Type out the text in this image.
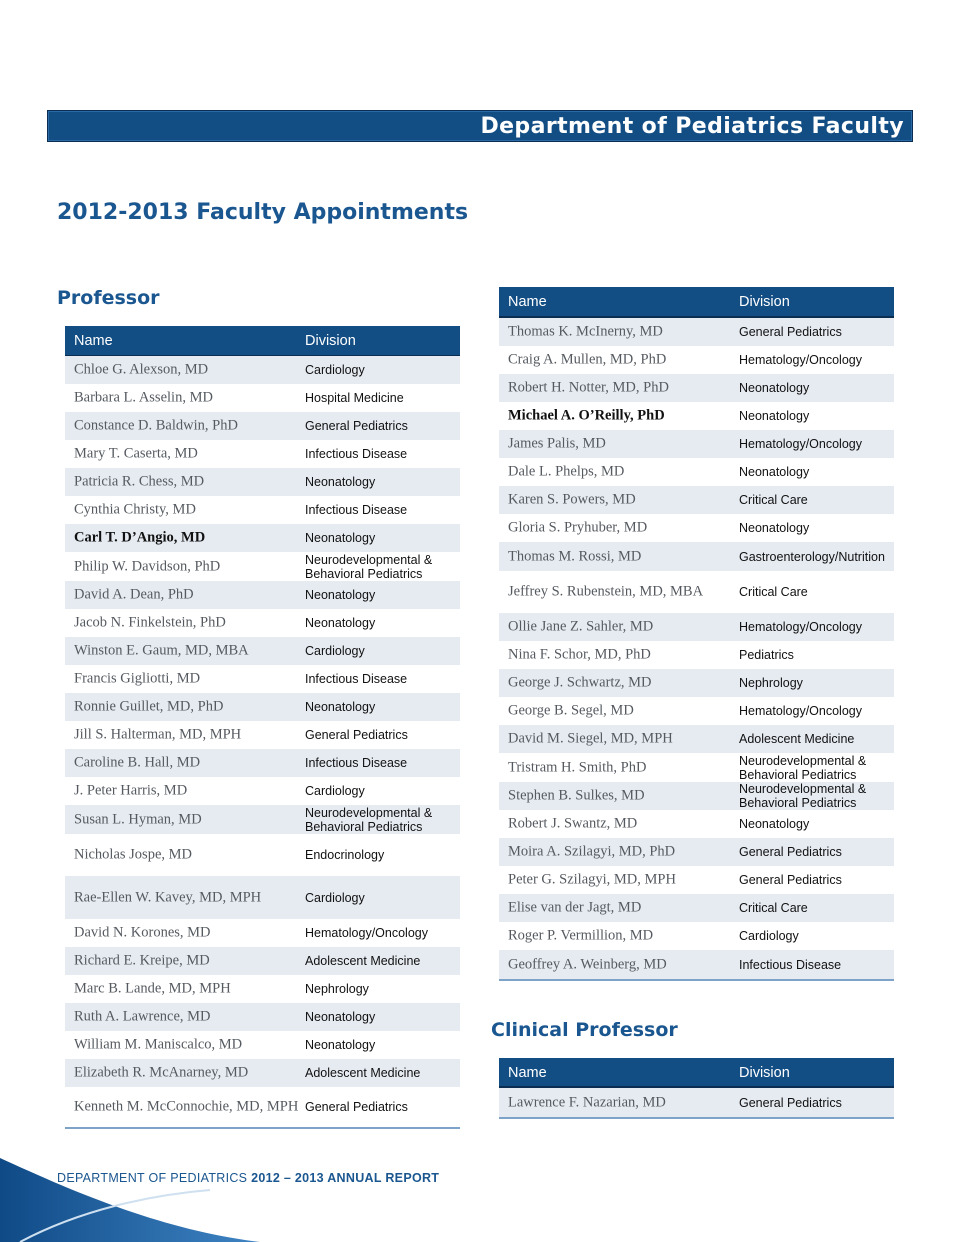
Department of Pediatrics Faculty
2012-2013 Faculty Appointments
Professor
Clinical Professor
Name	Division
Chloe G. Alexson, MD	Cardiology
Barbara L. Asselin, MD	Hospital Medicine
Constance D. Baldwin, PhD	General Pediatrics
Mary T. Caserta, MD	Infectious Disease
Patricia R. Chess, MD	Neonatology
Cynthia Christy, MD	Infectious Disease
Carl T. D’Angio, MD	Neonatology
Philip W. Davidson, PhD	Neurodevelopmental & Behavioral Pediatrics
David A. Dean, PhD	Neonatology
Jacob N. Finkelstein, PhD	Neonatology
Winston E. Gaum, MD, MBA	Cardiology
Francis Gigliotti, MD	Infectious Disease
Ronnie Guillet, MD, PhD	Neonatology
Jill S. Halterman, MD, MPH	General Pediatrics
Caroline B. Hall, MD	Infectious Disease
J. Peter Harris, MD	Cardiology
Susan L. Hyman, MD	Neurodevelopmental & Behavioral Pediatrics
Nicholas Jospe, MD	Endocrinology
Rae-Ellen W. Kavey, MD, MPH	Cardiology
David N. Korones, MD	Hematology/Oncology
Richard E. Kreipe, MD	Adolescent Medicine
Marc B. Lande, MD, MPH	Nephrology
Ruth A. Lawrence, MD	Neonatology
William M. Maniscalco, MD	Neonatology
Elizabeth R. McAnarney, MD	Adolescent Medicine
Kenneth M. McConnochie, MD, MPH General Pediatrics
Name	Division
Thomas K. McInerny, MD	General Pediatrics
Craig A. Mullen, MD, PhD	Hematology/Oncology
Robert H. Notter, MD, PhD	Neonatology
Michael A. O’Reilly, PhD	Neonatology
James Palis, MD	Hematology/Oncology
Dale L. Phelps, MD	Neonatology
Karen S. Powers, MD	Critical Care
Gloria S. Pryhuber, MD	Neonatology
Thomas M. Rossi, MD	Gastroenterology/Nutrition
Jeffrey S. Rubenstein, MD, MBA	Critical Care
Ollie Jane Z. Sahler, MD	Hematology/Oncology
Nina F. Schor, MD, PhD	Pediatrics
George J. Schwartz, MD	Nephrology
George B. Segel, MD	Hematology/Oncology
David M. Siegel, MD, MPH	Adolescent Medicine
Tristram H. Smith, PhD	Neurodevelopmental & Behavioral Pediatrics
Stephen B. Sulkes, MD	Neurodevelopmental & Behavioral Pediatrics
Robert J. Swantz, MD	Neonatology
Moira A. Szilagyi, MD, PhD	General Pediatrics
Peter G. Szilagyi, MD, MPH	General Pediatrics
Elise van der Jagt, MD	Critical Care
Roger P. Vermillion, MD	Cardiology
Geoffrey A. Weinberg, MD	Infectious Disease
Name	Division
Lawrence F. Nazarian, MD	General Pediatrics
DEPARTMENT OF PEDIATRICS 2012 – 2013 ANNUAL REPORT
